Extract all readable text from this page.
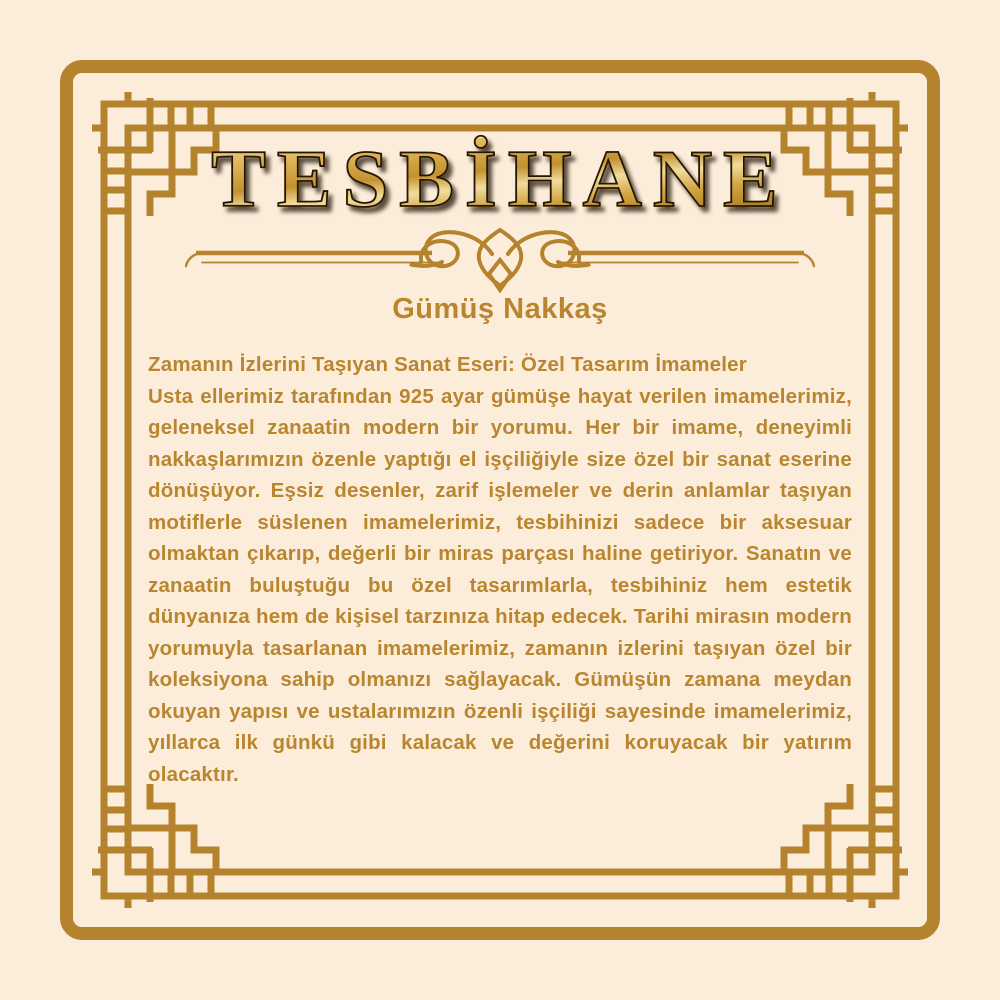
TESBİHANE
Gümüş Nakkaş

Zamanın İzlerini Taşıyan Sanat Eseri: Özel Tasarım İmameler

Usta ellerimiz tarafından 925 ayar gümüşe hayat verilen imamelerimiz, geleneksel zanaatin modern bir yorumu. Her bir imame, deneyimli nakkaşlarımızın özenle yaptığı el işçiliğiyle size özel bir sanat eserine dönüşüyor. Eşsiz desenler, zarif işlemeler ve derin anlamlar taşıyan motiflerle süslenen imamelerimiz, tesbihinizi sadece bir aksesuar olmaktan çıkarıp, değerli bir miras parçası haline getiriyor. Sanatın ve zanaatin buluştuğu bu özel tasarımlarla, tesbihiniz hem estetik dünyanıza hem de kişisel tarzınıza hitap edecek. Tarihi mirasın modern yorumuyla tasarlanan imamelerimiz, zamanın izlerini taşıyan özel bir koleksiyona sahip olmanızı sağlayacak. Gümüşün zamana meydan okuyan yapısı ve ustalarımızın özenli işçiliği sayesinde imamelerimiz, yıllarca ilk günkü gibi kalacak ve değerini koruyacak bir yatırım olacaktır.
